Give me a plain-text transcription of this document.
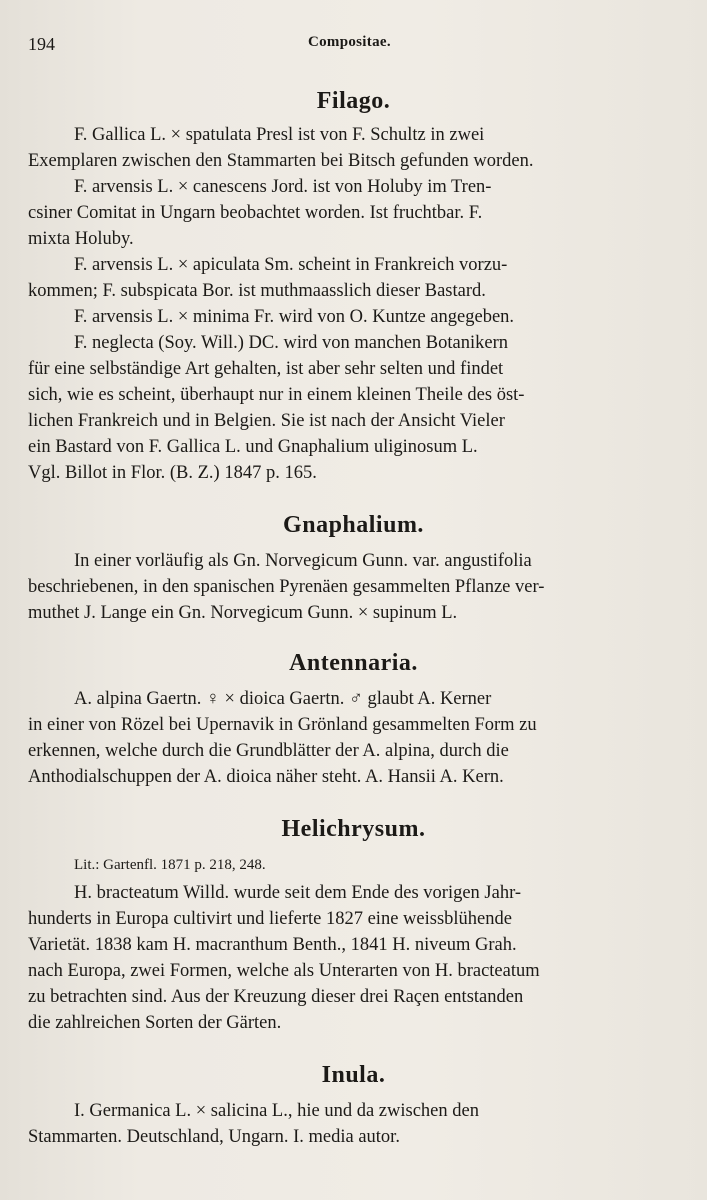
194	Compositae.
Filago.
F. Gallica L. × spatulata Presl ist von F. Schultz in zwei
Exemplaren zwischen den Stammarten bei Bitsch gefunden worden.
F. arvensis L. × canescens Jord. ist von Holuby im Tren-
csiner Comitat in Ungarn beobachtet worden. Ist fruchtbar. F.
mixta Holuby.
F. arvensis L. × apiculata Sm. scheint in Frankreich vorzu-
kommen; F. subspicata Bor. ist muthmaasslich dieser Bastard.
F. arvensis L. × minima Fr. wird von O. Kuntze angegeben.
F. neglecta (Soy. Will.) DC. wird von manchen Botanikern
für eine selbständige Art gehalten, ist aber sehr selten und findet
sich, wie es scheint, überhaupt nur in einem kleinen Theile des öst-
lichen Frankreich und in Belgien. Sie ist nach der Ansicht Vieler
ein Bastard von F. Gallica L. und Gnaphalium uliginosum L.
Vgl. Billot in Flor. (B. Z.) 1847 p. 165.
Gnaphalium.
In einer vorläufig als Gn. Norvegicum Gunn. var. angustifolia
beschriebenen, in den spanischen Pyrenäen gesammelten Pflanze ver-
muthet J. Lange ein Gn. Norvegicum Gunn. × supinum L.
Antennaria.
A. alpina Gaertn. ♀ × dioica Gaertn. ♂ glaubt A. Kerner
in einer von Rözel bei Upernavik in Grönland gesammelten Form zu
erkennen, welche durch die Grundblätter der A. alpina, durch die
Anthodialschuppen der A. dioica näher steht. A. Hansii A. Kern.
Helichrysum.
Lit.: Gartenfl. 1871 p. 218, 248.
H. bracteatum Willd. wurde seit dem Ende des vorigen Jahr-
hunderts in Europa cultivirt und lieferte 1827 eine weissblühende
Varietät. 1838 kam H. macranthum Benth., 1841 H. niveum Grah.
nach Europa, zwei Formen, welche als Unterarten von H. bracteatum
zu betrachten sind. Aus der Kreuzung dieser drei Raçen entstanden
die zahlreichen Sorten der Gärten.
Inula.
I. Germanica L. × salicina L., hie und da zwischen den
Stammarten. Deutschland, Ungarn. I. media autor.
